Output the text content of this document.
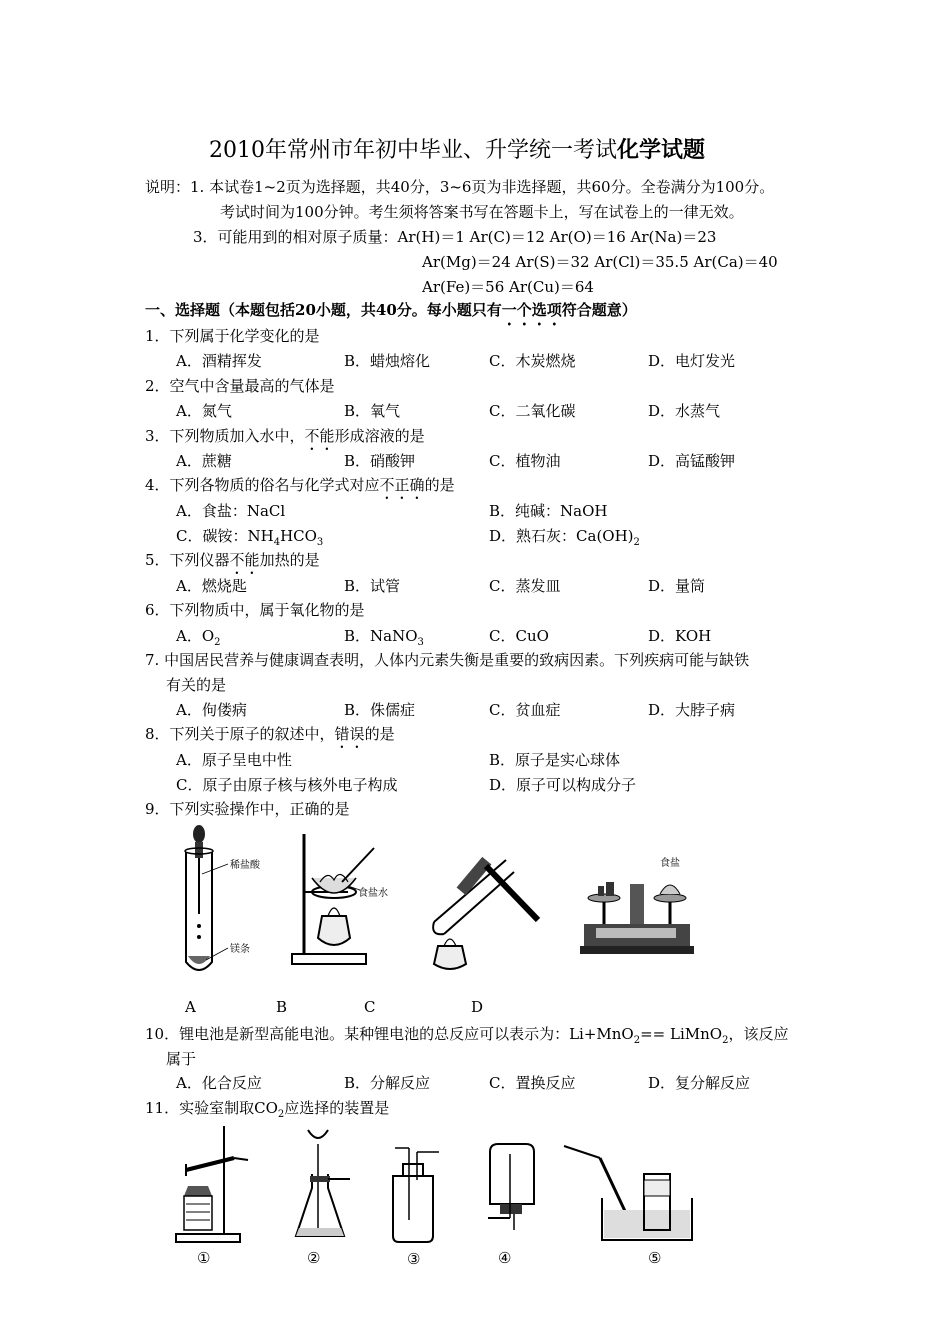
2010年常州市年初中毕业、升学统一考试化学试题
说明：1. 本试卷1~2页为选择题，共40分，3~6页为非选择题，共60分。全卷满分为100分。
考试时间为100分钟。考生须将答案书写在答题卡上，写在试卷上的一律无效。
3．可能用到的相对原子质量：Ar(H)＝1 Ar(C)＝12 Ar(O)＝16 Ar(Na)＝23
Ar(Mg)＝24 Ar(S)＝32 Ar(Cl)＝35.5 Ar(Ca)＝40
Ar(Fe)＝56 Ar(Cu)＝64
一、选择题（本题包括20小题，共40分。每小题只有一个选项符合题意）
1．下列属于化学变化的是
A．酒精挥发	B．蜡烛熔化	C．木炭燃烧	D．电灯发光
2．空气中含量最高的气体是
A．氮气	B．氧气	C．二氧化碳	D．水蒸气
3．下列物质加入水中，不能形成溶液的是
A．蔗糖	B．硝酸钾	C．植物油	D．高锰酸钾
4．下列各物质的俗名与化学式对应不正确的是
A．食盐：NaCl	B．纯碱：NaOH
C．碳铵：$NH_4HCO_3$	D．熟石灰：$Ca(OH)_2$
5．下列仪器不能加热的是
A．燃烧匙	B．试管	C．蒸发皿	D．量筒
6．下列物质中，属于氧化物的是
A．$O_2$	B．NaNO$_3$	C．CuO	D．KOH
7. 中国居民营养与健康调查表明，人体内元素失衡是重要的致病因素。下列疾病可能与缺铁
有关的是
A．佝偻病	B．侏儒症	C．贫血症	D．大脖子病
8．下列关于原子的叙述中，错误的是
A．原子呈电中性	B．原子是实心球体
C．原子由原子核与核外电子构成	D．原子可以构成分子
9．下列实验操作中，正确的是
稀盐酸
镁条
食盐水
食盐
A	B	C	D
10．锂电池是新型高能电池。某种锂电池的总反应可以表示为：Li+MnO$_2$== LiMnO$_2$，该反应
属于
A．化合反应	B．分解反应	C．置换反应	D．复分解反应
11．实验室制取$CO_2$应选择的装置是
①	②	③	④	⑤
